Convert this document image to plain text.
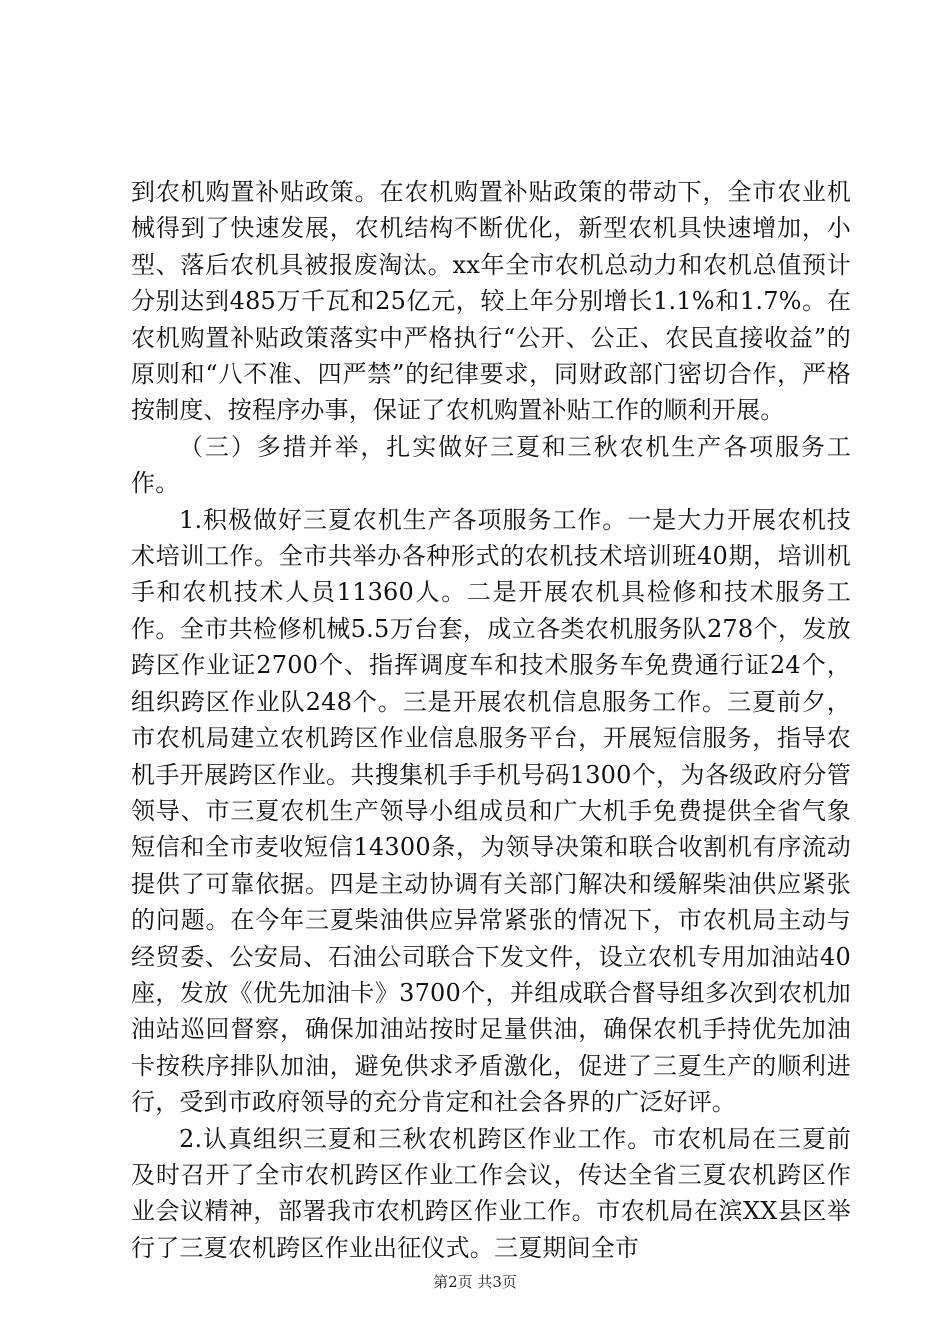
到农机购置补贴政策。在农机购置补贴政策的带动下，全市农业机械得到了快速发展，农机结构不断优化，新型农机具快速增加，小型、落后农机具被报废淘汰。xx年全市农机总动力和农机总值预计分别达到485万千瓦和25亿元，较上年分别增长1.1%和1.7%。在农机购置补贴政策落实中严格执行“公开、公正、农民直接收益”的原则和“八不准、四严禁”的纪律要求，同财政部门密切合作，严格按制度、按程序办事，保证了农机购置补贴工作的顺利开展。

（三）多措并举，扎实做好三夏和三秋农机生产各项服务工作。

1.积极做好三夏农机生产各项服务工作。一是大力开展农机技术培训工作。全市共举办各种形式的农机技术培训班40期，培训机手和农机技术人员11360人。二是开展农机具检修和技术服务工作。全市共检修机械5.5万台套，成立各类农机服务队278个，发放跨区作业证2700个、指挥调度车和技术服务车免费通行证24个，组织跨区作业队248个。三是开展农机信息服务工作。三夏前夕，市农机局建立农机跨区作业信息服务平台，开展短信服务，指导农机手开展跨区作业。共搜集机手手机号码1300个，为各级政府分管领导、市三夏农机生产领导小组成员和广大机手免费提供全省气象短信和全市麦收短信14300条，为领导决策和联合收割机有序流动提供了可靠依据。四是主动协调有关部门解决和缓解柴油供应紧张的问题。在今年三夏柴油供应异常紧张的情况下，市农机局主动与经贸委、公安局、石油公司联合下发文件，设立农机专用加油站40座，发放《优先加油卡》3700个，并组成联合督导组多次到农机加油站巡回督察，确保加油站按时足量供油，确保农机手持优先加油卡按秩序排队加油，避免供求矛盾激化，促进了三夏生产的顺利进行，受到市政府领导的充分肯定和社会各界的广泛好评。

2.认真组织三夏和三秋农机跨区作业工作。市农机局在三夏前及时召开了全市农机跨区作业工作会议，传达全省三夏农机跨区作业会议精神，部署我市农机跨区作业工作。市农机局在滨XX县区举行了三夏农机跨区作业出征仪式。三夏期间全市

第2页 共3页
